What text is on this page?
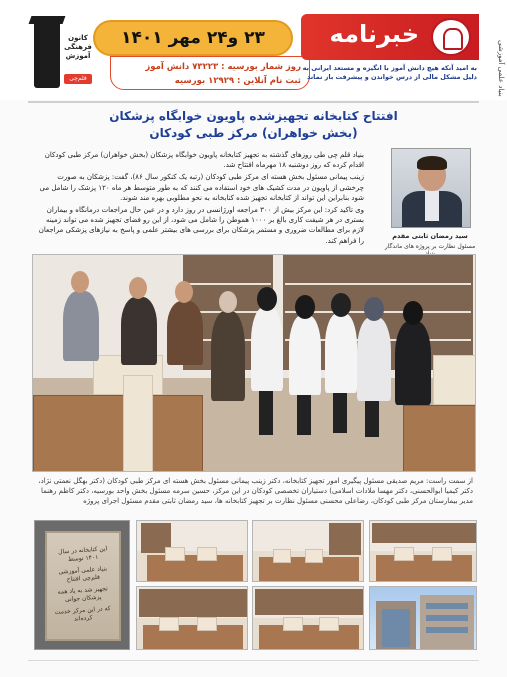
کانون فرهنگی آموزش
قلم‌چی
۲۳ و۲۴ مهر ۱۴۰۱
روز شمار بورسیه : ۷۳۲۲۳ دانش آموز
ثبت نام آنلاین : ۱۲۹۲۹ بورسیه
خبرنامه
بنیاد علمی آموزشی
به امید آنکه هیچ دانش آموز با انگیزه و مستعد ایرانی به دلیل مشکل مالی از درس خواندن و پیشرفت باز نماند
افتتاح کتابخانه تجهیزشده پاویون خوابگاه پزشکان
(بخش خواهران) مرکز طبی کودکان
سید رمضان ثابتی مقدم
مسئول نظارت بر پروژه های ماندگار

بنیاد قلم چی طی روزهای گذشته به تجهیز کتابخانه پاویون خوابگاه پزشکان (بخش خواهران) مرکز طبی کودکان اقدام کرده که روز دوشنبه ۱۸ مهرماه افتتاح شد.

زینب پیمانی مسئول بخش هسته ای مرکز طبی کودکان (رتبه یک کنکور سال ۸۶)، گفت: پزشکان به صورت چرخشی از پاویون در مدت کشیک های خود استفاده می کنند که به طور متوسط هر ماه ۱۲۰ پزشک را شامل می شود بنابراین این تواند از کتابخانه تجهیز شده کتابخانه به نحو مطلوبی بهره مند شوند.

وی تاکید کرد: این مرکز بیش از ۳۰۰ مراجعه اورژانسی در روز دارد و در عین حال مراجعات درمانگاه و بیماران بستری در هر شیفت کاری بالغ بر ۱۰۰۰ هموطن را شامل می شود، از این رو فضای تجهیز شده می تواند زمینه لازم برای مطالعات ضروری و مستمر پزشکان برای بررسی های بیشتر علمی و پاسخ به نیازهای پزشکی مراجعان را فراهم کند.

از سمت راست: مریم صدیقی مسئول پیگیری امور تجهیز کتابخانه، دکتر زینب پیمانی مسئول بخش هسته ای مرکز طبی کودکان (دکتر بهگل نعمتی نژاد، دکتر کیمیا ابوالحسنی، دکتر مهسا ملادات اسلامی) دستیاران تخصصی کودکان در این مرکز، حسین سرمه مسئول بخش واحد بورسیه، دکتر کاظم رهنما مدیر بیمارستان مرکز طبی کودکان، رضاعلی محسنی مسئول نظارت بر تجهیز کتابخانه ها، سید رمضان ثابتی مقدم مسئول اجرای پروژه
این کتابخانه در سال ۱۴۰۱ توسط
بنیاد علمی آموزشی قلم‌چی افتتاح
تجهیز شد به یاد همه پزشکان جوانی
که در این مرکز خدمت کرده‌اند
